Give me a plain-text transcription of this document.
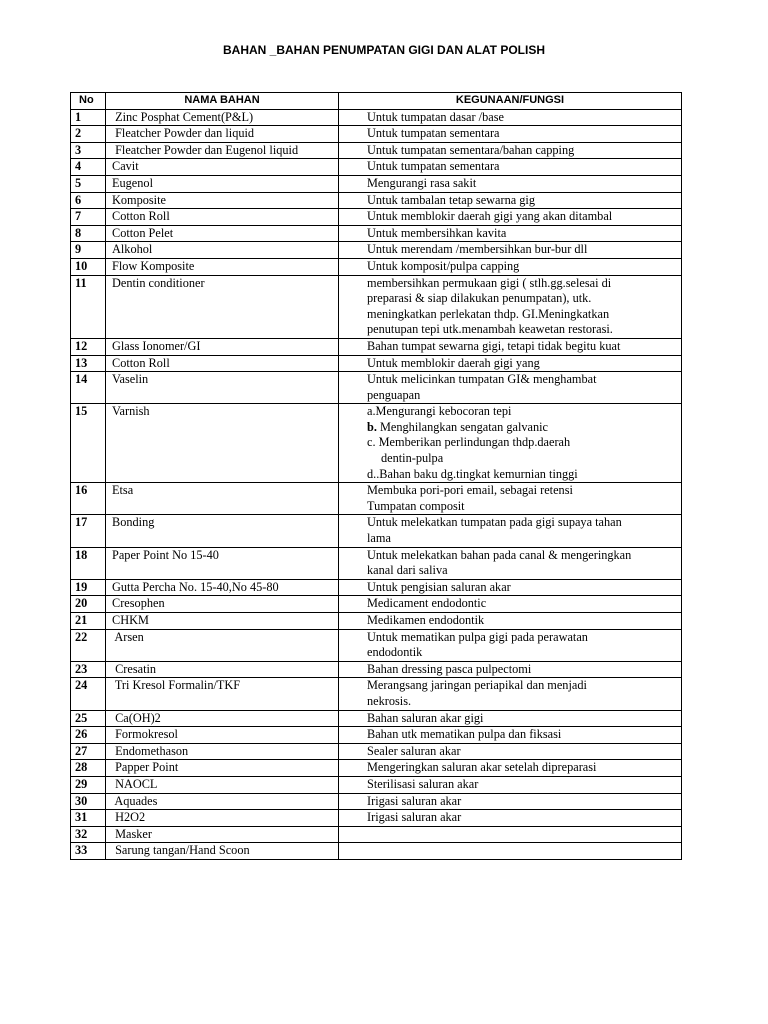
BAHAN _BAHAN PENUMPATAN GIGI DAN ALAT POLISH
No	NAMA BAHAN	KEGUNAAN/FUNGSI
1	Zinc Posphat Cement(P&L)	Untuk tumpatan dasar /base

2	Fleatcher Powder dan liquid	Untuk tumpatan sementara

3	Fleatcher Powder dan Eugenol liquid	Untuk tumpatan sementara/bahan capping

4	Cavit	Untuk tumpatan sementara

5	Eugenol	Mengurangi rasa sakit

6	Komposite	Untuk tambalan tetap sewarna gig

7	Cotton Roll	Untuk memblokir daerah gigi yang akan ditambal

8	Cotton Pelet	Untuk membersihkan kavita

9	Alkohol	Untuk merendam /membersihkan bur-bur dll

10	Flow Komposite	Untuk komposit/pulpa capping

11	Dentin conditioner	membersihkan permukaan gigi ( stlh.gg.selesai di
preparasi & siap dilakukan penumpatan), utk.
meningkatkan perlekatan thdp. GI.Meningkatkan
penutupan tepi utk.menambah keawetan restorasi.

12	Glass Ionomer/GI	Bahan tumpat sewarna gigi, tetapi tidak begitu kuat

13	Cotton Roll	Untuk memblokir daerah gigi yang

14	Vaselin	Untuk melicinkan tumpatan GI& menghambat
penguapan

15	Varnish	a.Mengurangi kebocoran tepi
b. Menghilangkan sengatan galvanic
c. Memberikan perlindungan thdp.daerah
dentin-pulpa
d..Bahan baku dg.tingkat kemurnian tinggi

16	Etsa	Membuka pori-pori email, sebagai retensi
Tumpatan composit

17	Bonding	Untuk melekatkan tumpatan pada gigi supaya tahan
lama

18	Paper Point No 15-40	Untuk melekatkan bahan pada canal & mengeringkan
kanal dari saliva

19	Gutta Percha No. 15-40,No 45-80	Untuk pengisian saluran akar

20	Cresophen	Medicament endodontic

21	CHKM	Medikamen endodontik

22	Arsen	Untuk mematikan pulpa gigi pada perawatan
endodontik

23	Cresatin	Bahan dressing pasca pulpectomi

24	Tri Kresol Formalin/TKF	Merangsang jaringan periapikal dan menjadi
nekrosis.

25	Ca(OH)2	Bahan saluran akar gigi

26	Formokresol	Bahan utk mematikan pulpa dan fiksasi

27	Endomethason	Sealer saluran akar

28	Papper Point	Mengeringkan saluran akar setelah dipreparasi

29	NAOCL	Sterilisasi saluran akar

30	Aquades	Irigasi saluran akar

31	H2O2	Irigasi saluran akar

32	Masker	
33	Sarung tangan/Hand Scoon	
